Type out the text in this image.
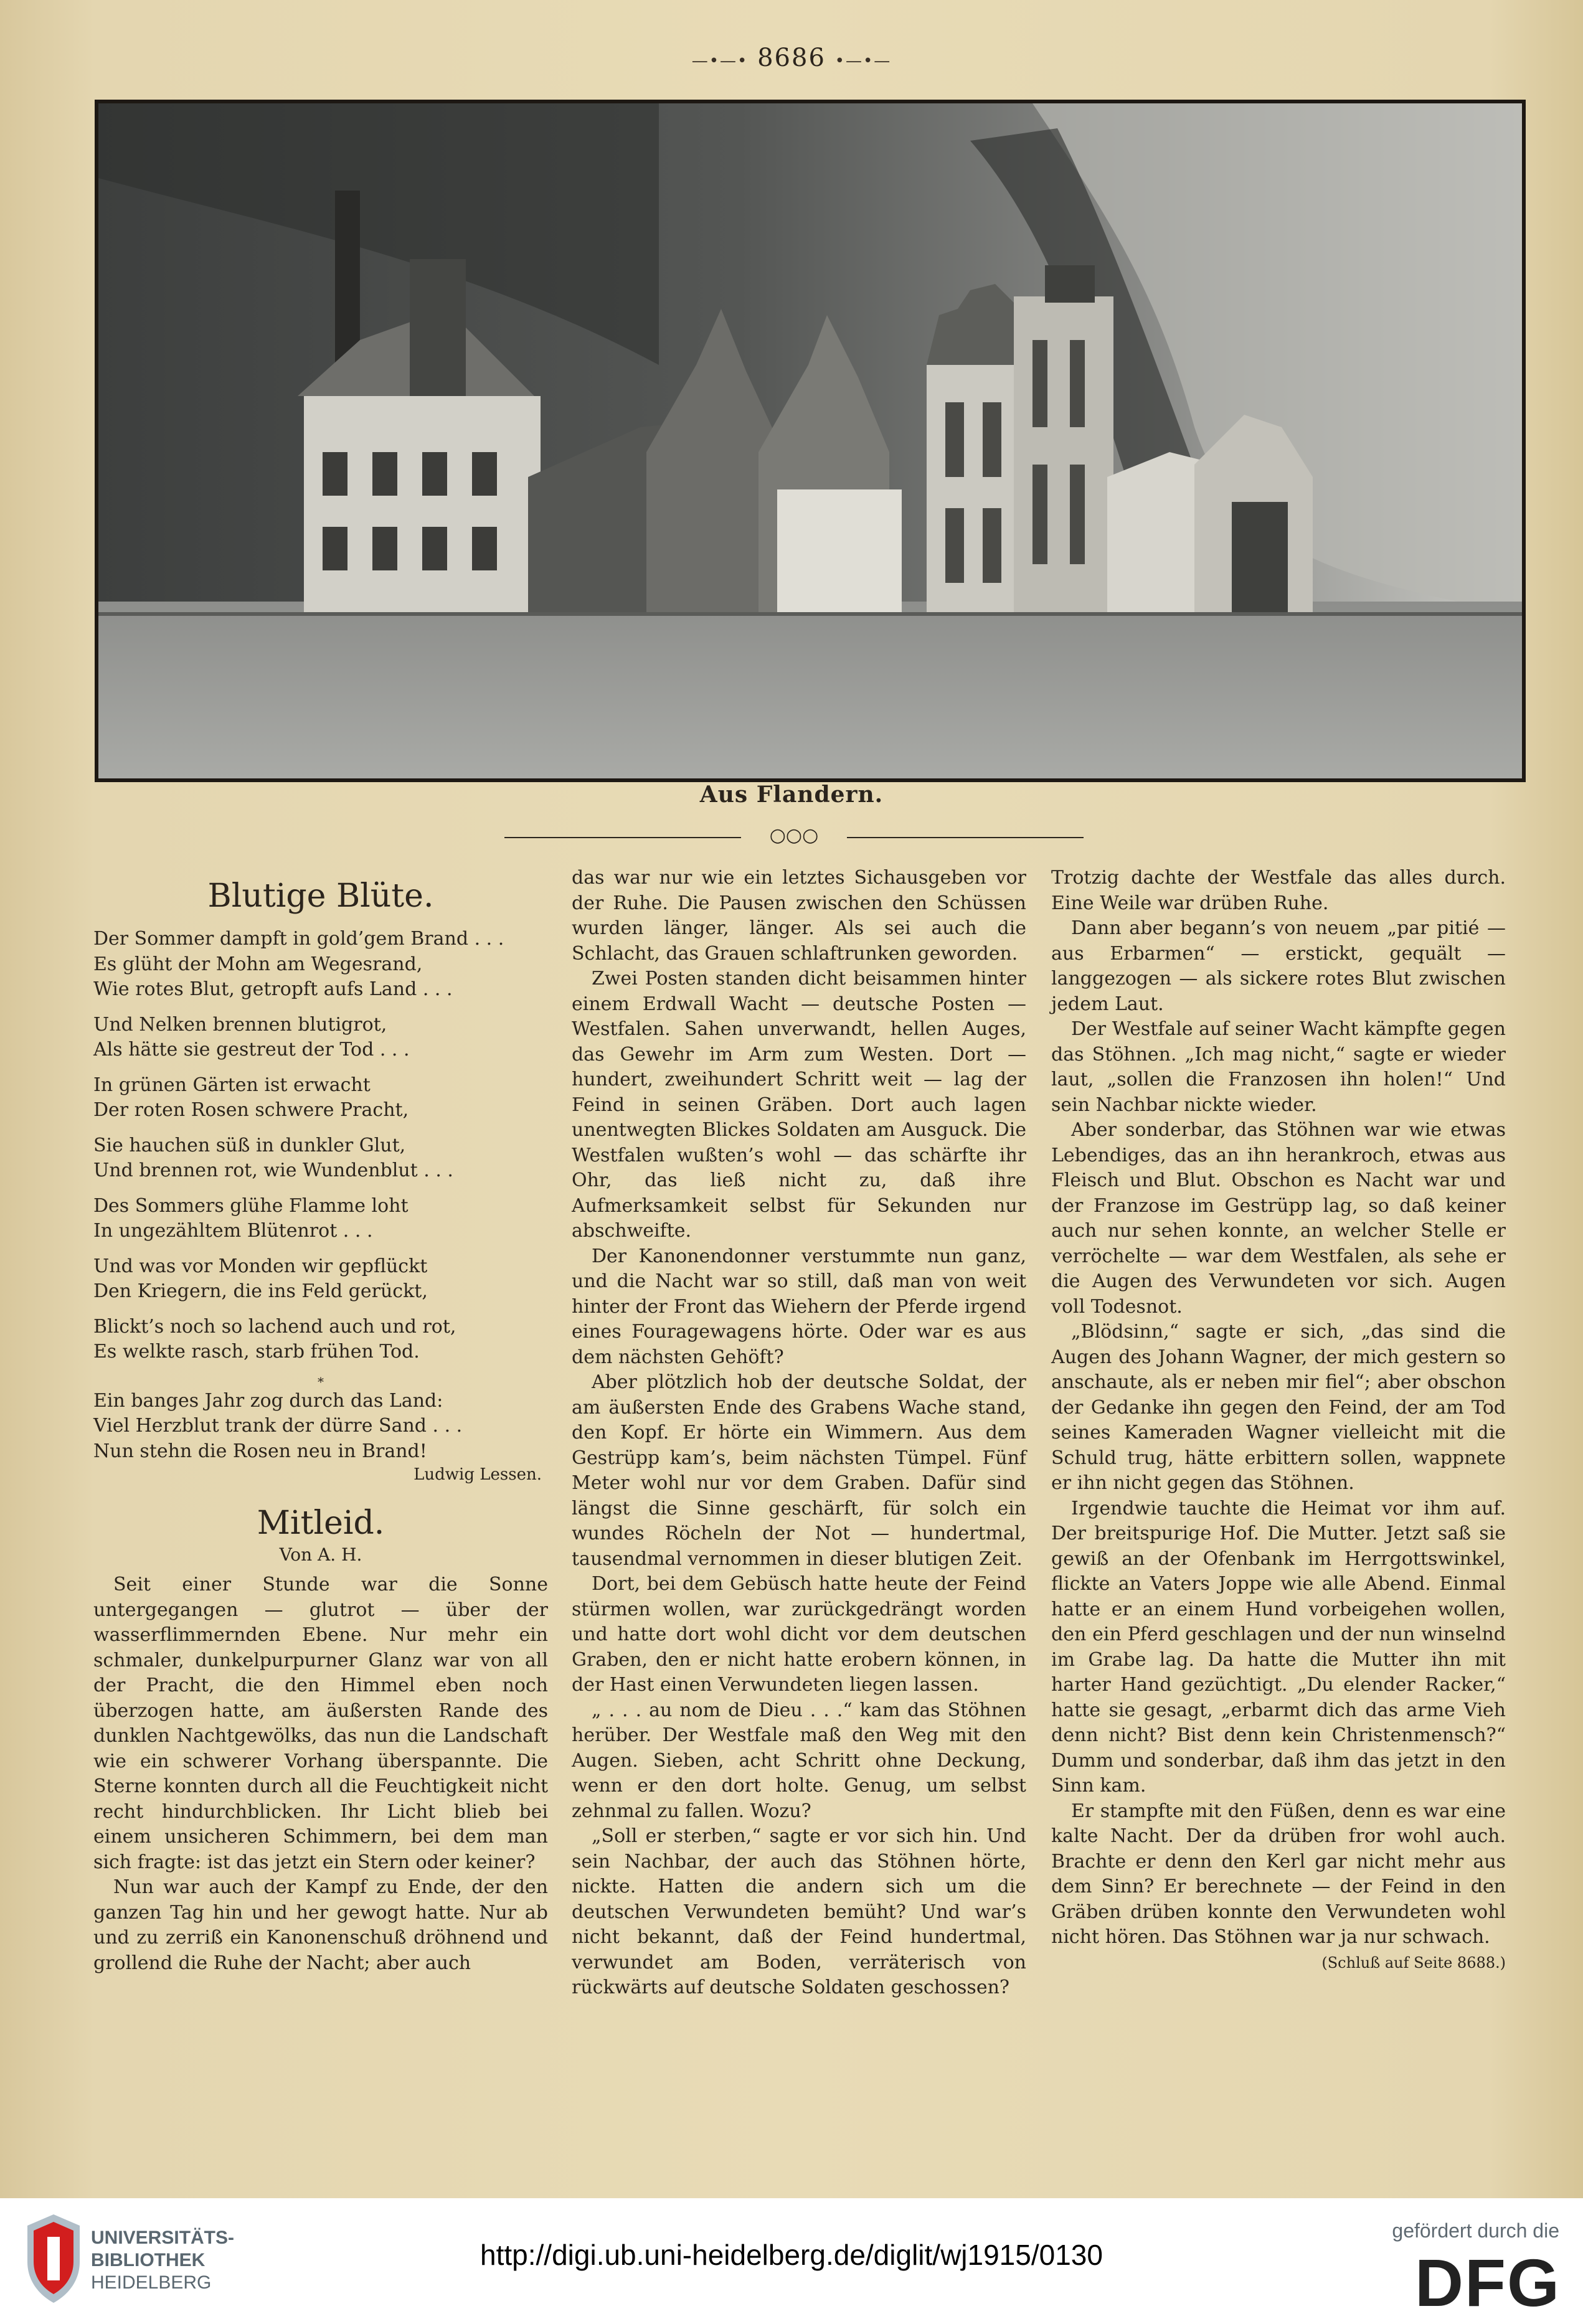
—•—• 8686 •—•—
Aus Flandern.
○○○
Blutige Blüte.
Der Sommer dampft in gold’gem Brand . . .
Es glüht der Mohn am Wegesrand,
Wie rotes Blut, getropft aufs Land . . .
Und Nelken brennen blutigrot,
Als hätte sie gestreut der Tod . . .
In grünen Gärten ist erwacht
Der roten Rosen schwere Pracht,
Sie hauchen süß in dunkler Glut,
Und brennen rot, wie Wundenblut . . .
Des Sommers glühe Flamme loht
In ungezähltem Blütenrot . . .
Und was vor Monden wir gepflückt
Den Kriegern, die ins Feld gerückt,
Blickt’s noch so lachend auch und rot,
Es welkte rasch, starb frühen Tod.
*
Ein banges Jahr zog durch das Land:
Viel Herzblut trank der dürre Sand . . .
Nun stehn die Rosen neu in Brand!
Ludwig Lessen.
Mitleid.
Von A. H.

Seit einer Stunde war die Sonne untergegangen — glutrot — über der wasserflimmernden Ebene. Nur mehr ein schmaler, dunkelpurpurner Glanz war von all der Pracht, die den Himmel eben noch überzogen hatte, am äußersten Rande des dunklen Nachtgewölks, das nun die Landschaft wie ein schwerer Vorhang überspannte. Die Sterne konnten durch all die Feuchtigkeit nicht recht hindurchblicken. Ihr Licht blieb bei einem unsicheren Schimmern, bei dem man sich fragte: ist das jetzt ein Stern oder keiner?

Nun war auch der Kampf zu Ende, der den ganzen Tag hin und her gewogt hatte. Nur ab und zu zerriß ein Kanonenschuß dröhnend und grollend die Ruhe der Nacht; aber auch

das war nur wie ein letztes Sichausgeben vor der Ruhe. Die Pausen zwischen den Schüssen wurden länger, länger. Als sei auch die Schlacht, das Grauen schlaftrunken geworden.

Zwei Posten standen dicht beisammen hinter einem Erdwall Wacht — deutsche Posten — Westfalen. Sahen unverwandt, hellen Auges, das Gewehr im Arm zum Westen. Dort — hundert, zweihundert Schritt weit — lag der Feind in seinen Gräben. Dort auch lagen unentwegten Blickes Soldaten am Ausguck. Die Westfalen wußten’s wohl — das schärfte ihr Ohr, das ließ nicht zu, daß ihre Aufmerksamkeit selbst für Sekunden nur abschweifte.

Der Kanonendonner verstummte nun ganz, und die Nacht war so still, daß man von weit hinter der Front das Wiehern der Pferde irgend eines Fouragewagens hörte. Oder war es aus dem nächsten Gehöft?

Aber plötzlich hob der deutsche Soldat, der am äußersten Ende des Grabens Wache stand, den Kopf. Er hörte ein Wimmern. Aus dem Gestrüpp kam’s, beim nächsten Tümpel. Fünf Meter wohl nur vor dem Graben. Dafür sind längst die Sinne geschärft, für solch ein wundes Röcheln der Not — hundertmal, tausendmal vernommen in dieser blutigen Zeit.

Dort, bei dem Gebüsch hatte heute der Feind stürmen wollen, war zurückgedrängt worden und hatte dort wohl dicht vor dem deutschen Graben, den er nicht hatte erobern können, in der Hast einen Verwundeten liegen lassen.

„ . . . au nom de Dieu . . .“ kam das Stöhnen herüber. Der Westfale maß den Weg mit den Augen. Sieben, acht Schritt ohne Deckung, wenn er den dort holte. Genug, um selbst zehnmal zu fallen. Wozu?

„Soll er sterben,“ sagte er vor sich hin. Und sein Nachbar, der auch das Stöhnen hörte, nickte. Hatten die andern sich um die deutschen Verwundeten bemüht? Und war’s nicht bekannt, daß der Feind hundertmal, verwundet am Boden, verräterisch von rückwärts auf deutsche Soldaten geschossen?

Trotzig dachte der Westfale das alles durch. Eine Weile war drüben Ruhe.

Dann aber begann’s von neuem „par pitié — aus Erbarmen“ — erstickt, gequält — langgezogen — als sickere rotes Blut zwischen jedem Laut.

Der Westfale auf seiner Wacht kämpfte gegen das Stöhnen. „Ich mag nicht,“ sagte er wieder laut, „sollen die Franzosen ihn holen!“ Und sein Nachbar nickte wieder.

Aber sonderbar, das Stöhnen war wie etwas Lebendiges, das an ihn herankroch, etwas aus Fleisch und Blut. Obschon es Nacht war und der Franzose im Gestrüpp lag, so daß keiner auch nur sehen konnte, an welcher Stelle er verröchelte — war dem Westfalen, als sehe er die Augen des Verwundeten vor sich. Augen voll Todesnot.

„Blödsinn,“ sagte er sich, „das sind die Augen des Johann Wagner, der mich gestern so anschaute, als er neben mir fiel“; aber obschon der Gedanke ihn gegen den Feind, der am Tod seines Kameraden Wagner vielleicht mit die Schuld trug, hätte erbittern sollen, wappnete er ihn nicht gegen das Stöhnen.

Irgendwie tauchte die Heimat vor ihm auf. Der breitspurige Hof. Die Mutter. Jetzt saß sie gewiß an der Ofenbank im Herrgottswinkel, flickte an Vaters Joppe wie alle Abend. Einmal hatte er an einem Hund vorbeigehen wollen, den ein Pferd geschlagen und der nun winselnd im Grabe lag. Da hatte die Mutter ihn mit harter Hand gezüchtigt. „Du elender Racker,“ hatte sie gesagt, „erbarmt dich das arme Vieh denn nicht? Bist denn kein Christenmensch?“ Dumm und sonderbar, daß ihm das jetzt in den Sinn kam.

Er stampfte mit den Füßen, denn es war eine kalte Nacht. Der da drüben fror wohl auch. Brachte er denn den Kerl gar nicht mehr aus dem Sinn? Er berechnete — der Feind in den Gräben drüben konnte den Verwundeten wohl nicht hören. Das Stöhnen war ja nur schwach.

(Schluß auf Seite 8688.)
UNIVERSITÄTS-
BIBLIOTHEK
HEIDELBERG
http://digi.ub.uni-heidelberg.de/diglit/wj1915/0130
gefördert durch die
DFG
